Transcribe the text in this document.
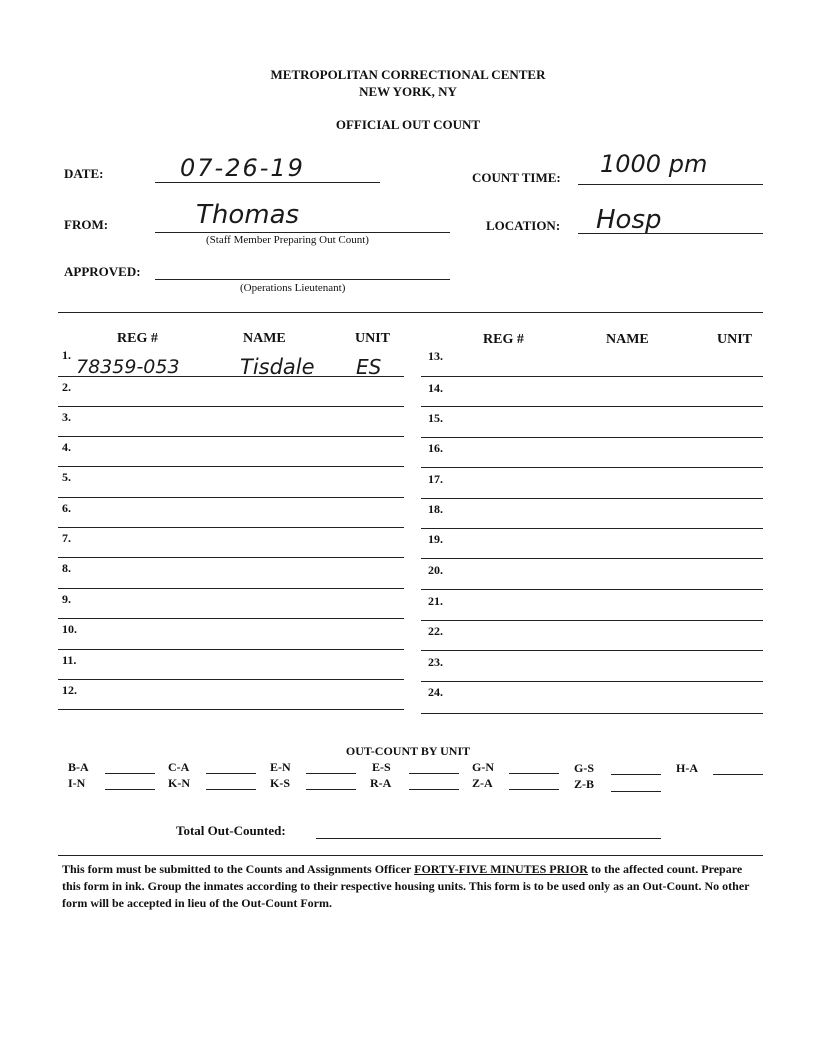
METROPOLITAN CORRECTIONAL CENTER
NEW YORK, NY
OFFICIAL OUT COUNT
DATE:	07-26-19	COUNT TIME: 1000 pm
FROM:	Thomas
(Staff Member Preparing Out Count)
LOCATION: Hosp
APPROVED:
(Operations Lieutenant)
REG #	NAME	UNIT	REG #	NAME	UNIT
1.
78359-053	Tisdale ES
2.
3.
4.
5.
6.
7.
8.
9.
10.
11.
12.
13.
14.
15.
16.
17.
18.
19.
20.
21.
22.
23.
24.
OUT-COUNT BY UNIT
B-A	C-A	E-N	E-S	G-N	G-S	H-A
I-N	K-N	K-S	R-A	Z-A	Z-B
Total Out-Counted:
This form must be submitted to the Counts and Assignments Officer FORTY-FIVE MINUTES PRIOR to the affected count. Prepare this form in ink. Group the inmates according to their respective housing units. This form is to be used only as an Out-Count. No other form will be accepted in lieu of the Out-Count Form.
